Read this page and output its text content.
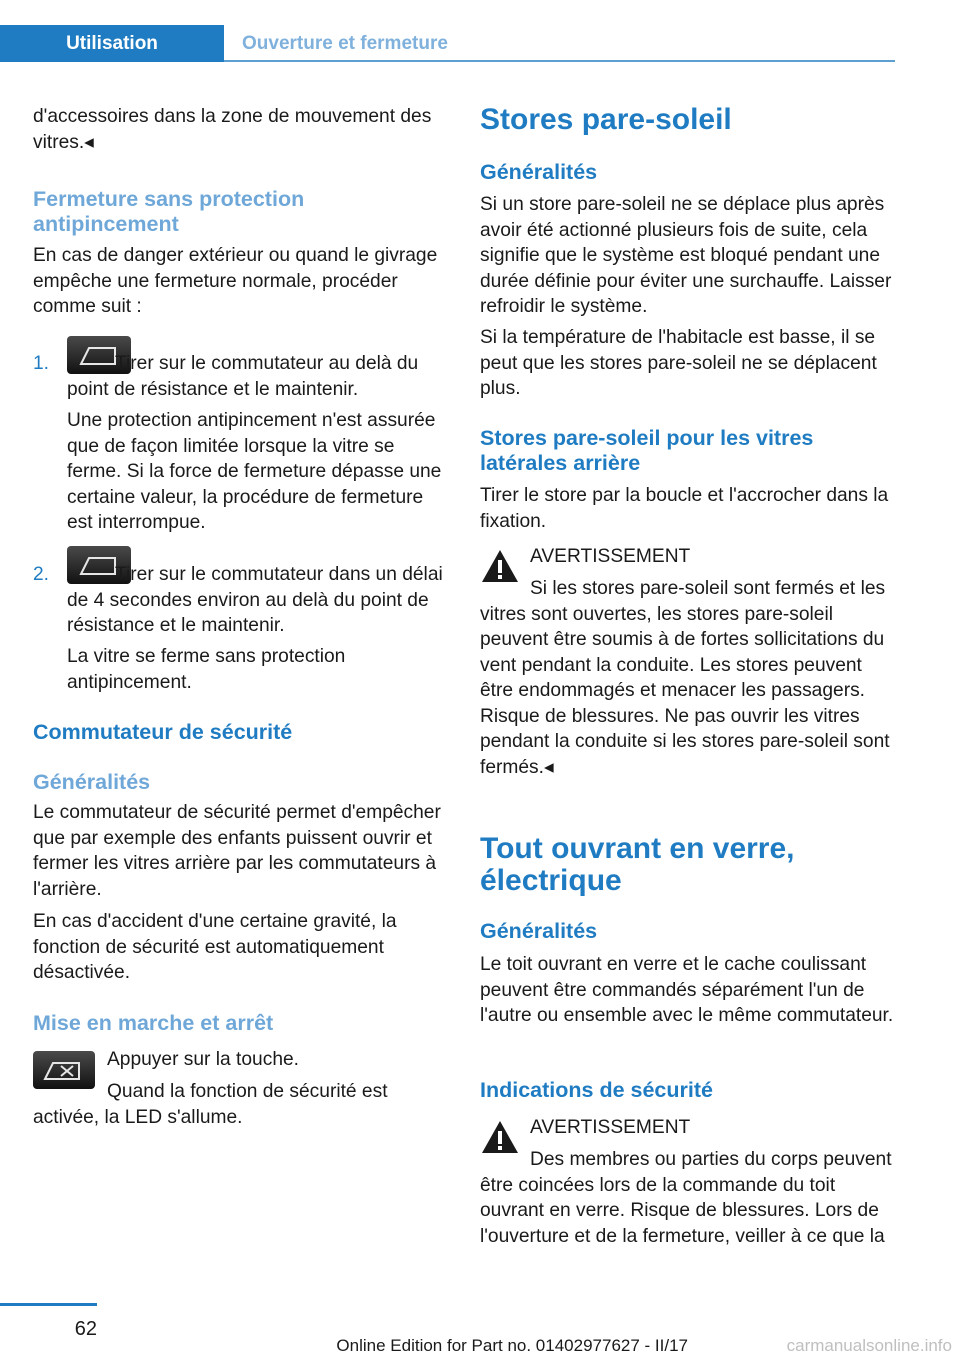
Utilisation	Ouverture et fermeture
d'accessoires dans la zone de mouvement des vitres.◂
Fermeture sans protection antipincement
En cas de danger extérieur ou quand le givrage empêche une fermeture normale, procéder comme suit :
1.	Tirer sur le commutateur au delà du point de résistance et le maintenir.
Une protection antipincement n'est assurée que de façon limitée lorsque la vitre se ferme. Si la force de fermeture dépasse une certaine valeur, la procédure de fermeture est interrompue.
2.	Tirer sur le commutateur dans un délai de 4 secondes environ au delà du point de résistance et le maintenir.
La vitre se ferme sans protection antipincement.
Commutateur de sécurité
Généralités
Le commutateur de sécurité permet d'empêcher que par exemple des enfants puissent ouvrir et fermer les vitres arrière par les commutateurs à l'arrière.
En cas d'accident d'une certaine gravité, la fonction de sécurité est automatiquement désactivée.
Mise en marche et arrêt
Appuyer sur la touche.
Quand la fonction de sécurité est activée, la LED s'allume.
Stores pare-soleil
Généralités
Si un store pare-soleil ne se déplace plus après avoir été actionné plusieurs fois de suite, cela signifie que le système est bloqué pendant une durée définie pour éviter une surchauffe. Laisser refroidir le système.
Si la température de l'habitacle est basse, il se peut que les stores pare-soleil ne se déplacent plus.
Stores pare-soleil pour les vitres latérales arrière
Tirer le store par la boucle et l'accrocher dans la fixation.
AVERTISSEMENT
Si les stores pare-soleil sont fermés et les vitres sont ouvertes, les stores pare-soleil peuvent être soumis à de fortes sollicitations du vent pendant la conduite. Les stores peuvent être endommagés et menacer les passagers. Risque de blessures. Ne pas ouvrir les vitres pendant la conduite si les stores pare-soleil sont fermés.◂
Tout ouvrant en verre, électrique
Généralités
Le toit ouvrant en verre et le cache coulissant peuvent être commandés séparément l'un de l'autre ou ensemble avec le même commutateur.
Indications de sécurité
AVERTISSEMENT
Des membres ou parties du corps peuvent être coincées lors de la commande du toit ouvrant en verre. Risque de blessures. Lors de l'ouverture et de la fermeture, veiller à ce que la
62
Online Edition for Part no. 01402977627 - II/17	carmanualsonline.info
